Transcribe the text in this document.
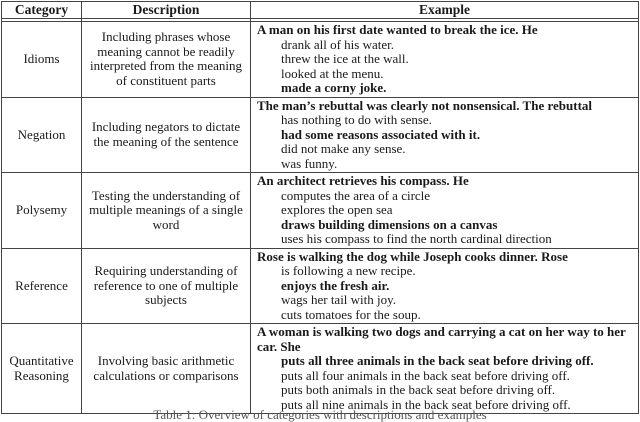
Category	Description	Example

Idioms	Including phrases whose meaning cannot be readily interpreted from the meaning of constituent parts	A man on his first date wanted to break the ice. He
drank all of his water.
threw the ice at the wall.
looked at the menu.
made a corny joke.

Negation	Including negators to dictate the meaning of the sentence	The man’s rebuttal was clearly not nonsensical. The rebuttal
has nothing to do with sense.
had some reasons associated with it.
did not make any sense.
was funny.

Polysemy	Testing the understanding of multiple meanings of a single word	An architect retrieves his compass. He
computes the area of a circle
explores the open sea
draws building dimensions on a canvas
uses his compass to find the north cardinal direction

Reference	Requiring understanding of reference to one of multiple subjects	Rose is walking the dog while Joseph cooks dinner. Rose
is following a new recipe.
enjoys the fresh air.
wags her tail with joy.
cuts tomatoes for the soup.

Quantitative Reasoning	Involving basic arithmetic calculations or comparisons	A woman is walking two dogs and carrying a cat on her way to her car. She
puts all three animals in the back seat before driving off.
puts all four animals in the back seat before driving off.
puts both animals in the back seat before driving off.
puts all nine animals in the back seat before driving off.
Table 1: Overview of categories with descriptions and examples
